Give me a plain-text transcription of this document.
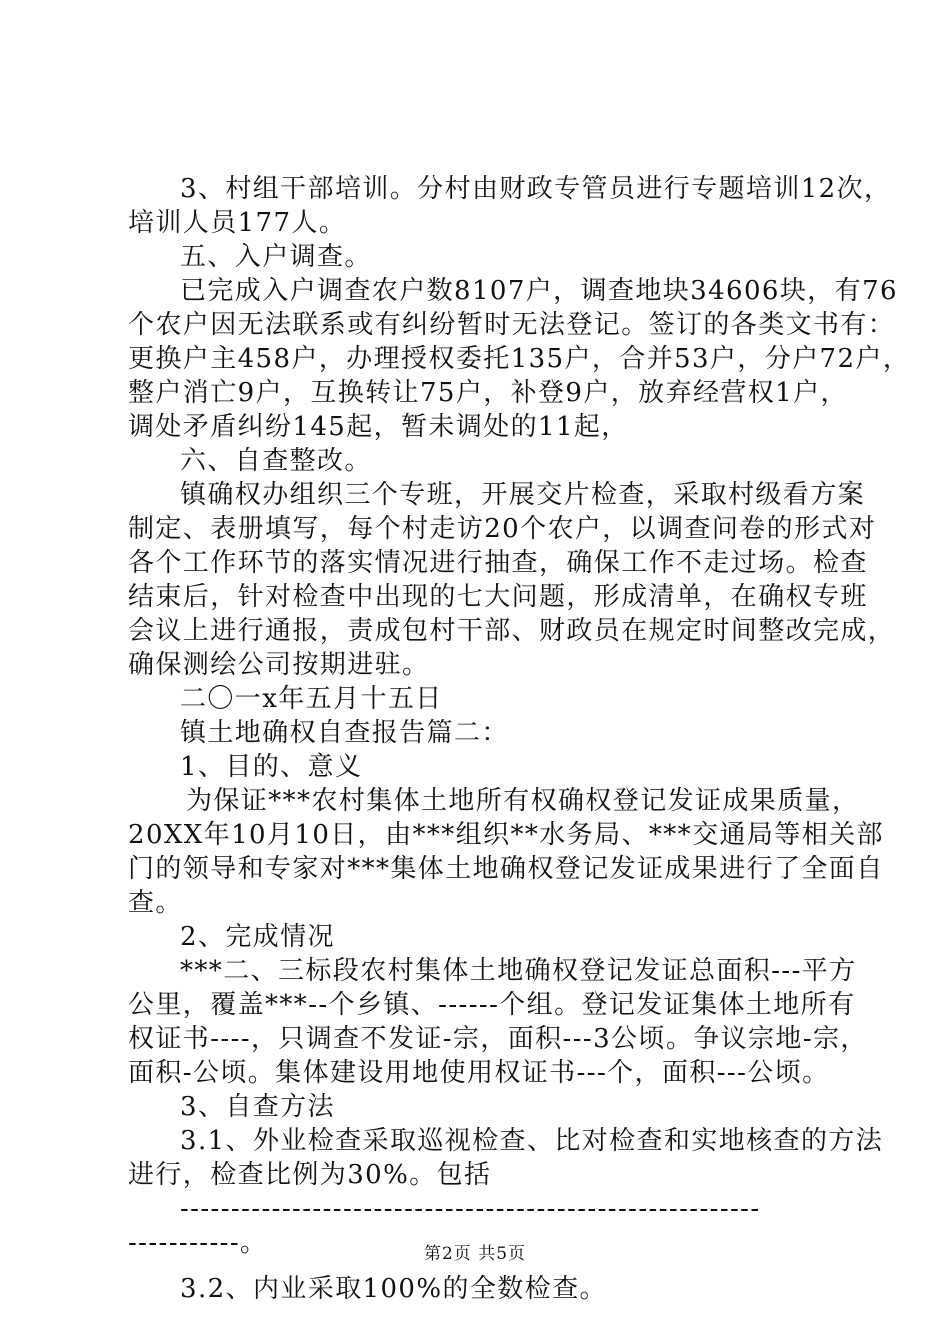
3、村组干部培训。分村由财政专管员进行专题培训12次，
培训人员177人。
五、入户调查。
已完成入户调查农户数8107户，调查地块34606块，有76
个农户因无法联系或有纠纷暂时无法登记。签订的各类文书有：
更换户主458户，办理授权委托135户，合并53户，分户72户，
整户消亡9户，互换转让75户，补登9户，放弃经营权1户，
调处矛盾纠纷145起，暂未调处的11起，
六、自查整改。
镇确权办组织三个专班，开展交片检查，采取村级看方案
制定、表册填写，每个村走访20个农户，以调查问卷的形式对
各个工作环节的落实情况进行抽查，确保工作不走过场。检查
结束后，针对检查中出现的七大问题，形成清单，在确权专班
会议上进行通报，责成包村干部、财政员在规定时间整改完成，
确保测绘公司按期进驻。
二〇一x年五月十五日
镇土地确权自查报告篇二：
1、目的、意义
为保证***农村集体土地所有权确权登记发证成果质量，
20XX年10月10日，由***组织**水务局、***交通局等相关部
门的领导和专家对***集体土地确权登记发证成果进行了全面自
查。
2、完成情况
***二、三标段农村集体土地确权登记发证总面积---平方
公里，覆盖***--个乡镇、------个组。登记发证集体土地所有
权证书----，只调查不发证-宗，面积---3公顷。争议宗地-宗，
面积-公顷。集体建设用地使用权证书---个，面积---公顷。
3、自查方法
3.1、外业检查采取巡视检查、比对检查和实地核查的方法
进行，检查比例为30%。包括
---------------------------------------------------------
-----------。
3.2、内业采取100%的全数检查。
第2页 共5页
